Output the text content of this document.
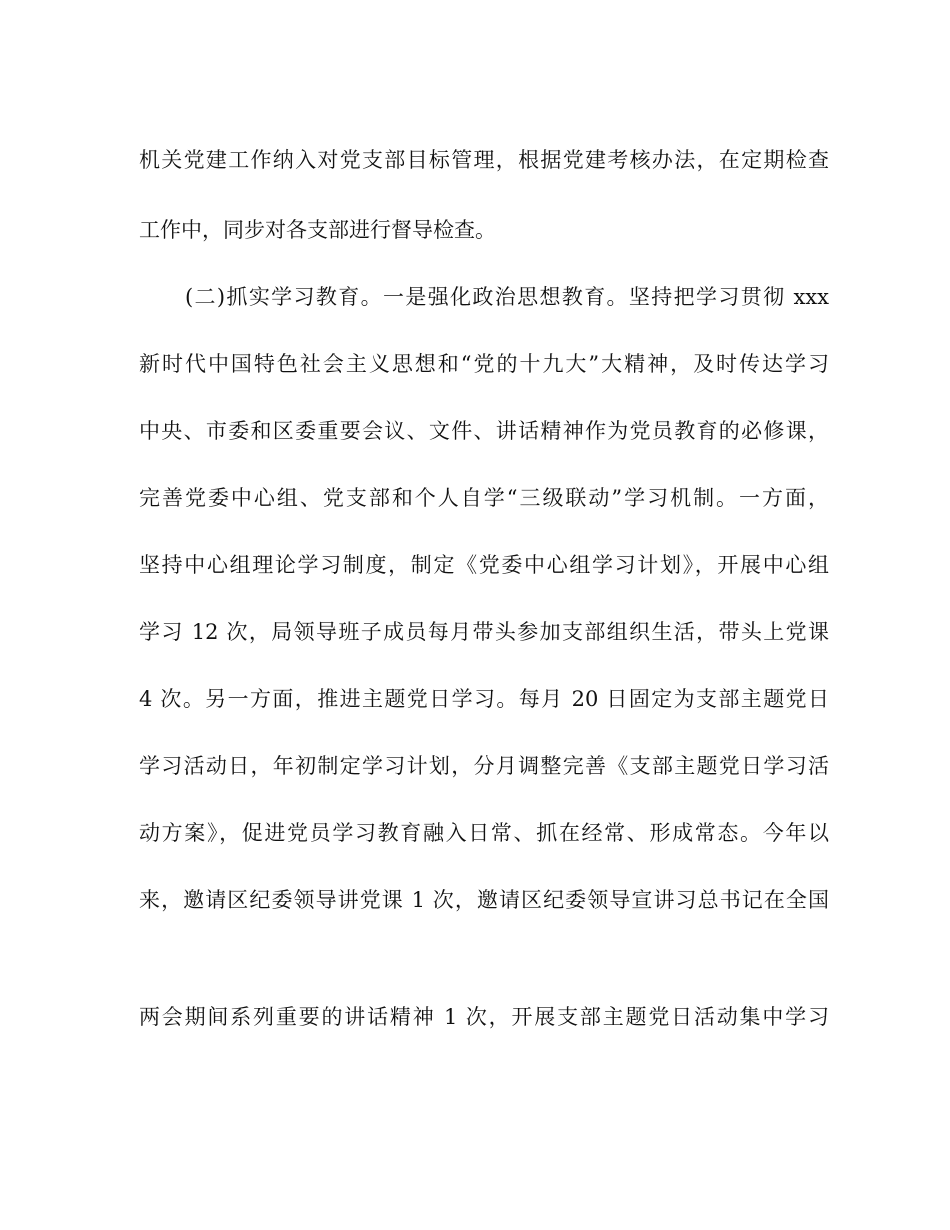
机关党建工作纳入对党支部目标管理，根据党建考核办法，在定期检查
工作中，同步对各支部进行督导检查。
(二)抓实学习教育。一是强化政治思想教育。坚持把学习贯彻 xxx
新时代中国特色社会主义思想和“党的十九大”大精神，及时传达学习
中央、市委和区委重要会议、文件、讲话精神作为党员教育的必修课，
完善党委中心组、党支部和个人自学“三级联动”学习机制。一方面，
坚持中心组理论学习制度，制定《党委中心组学习计划》，开展中心组
学习 12 次，局领导班子成员每月带头参加支部组织生活，带头上党课
4 次。另一方面，推进主题党日学习。每月 20 日固定为支部主题党日
学习活动日，年初制定学习计划，分月调整完善《支部主题党日学习活
动方案》，促进党员学习教育融入日常、抓在经常、形成常态。今年以
来，邀请区纪委领导讲党课 1 次，邀请区纪委领导宣讲习总书记在全国
两会期间系列重要的讲话精神 1 次，开展支部主题党日活动集中学习
